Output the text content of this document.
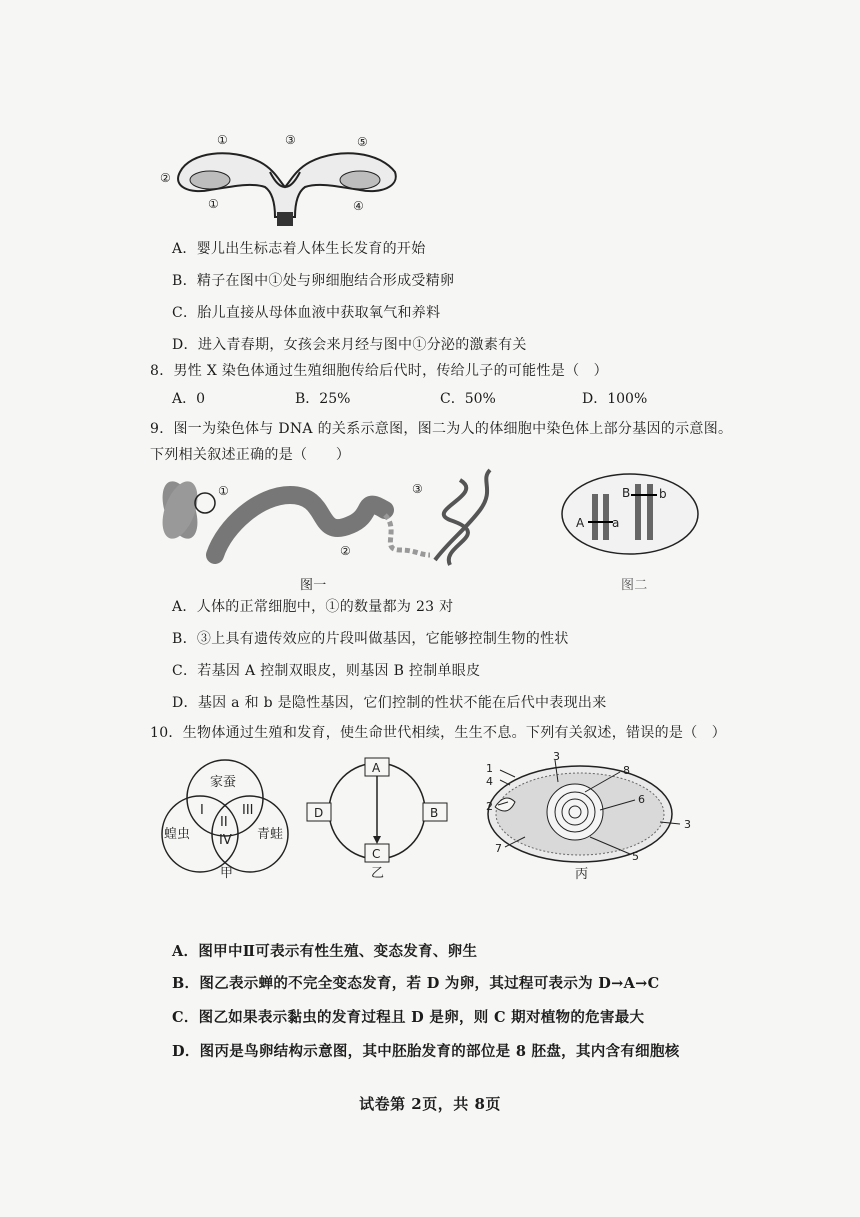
①	③	⑤
②
①	④
A．婴儿出生标志着人体生长发育的开始
B．精子在图中①处与卵细胞结合形成受精卵
C．胎儿直接从母体血液中获取氧气和养料
D．进入青春期，女孩会来月经与图中①分泌的激素有关
8．男性 X 染色体通过生殖细胞传给后代时，传给儿子的可能性是（　）
A．0	B．25%	C．50%	D．100%
9．图一为染色体与 DNA 的关系示意图，图二为人的体细胞中染色体上部分基因的示意图。
下列相关叙述正确的是（　　）
①
②
③
图一
A a
B b
图二
A．人体的正常细胞中，①的数量都为 23 对
B．③上具有遗传效应的片段叫做基因，它能够控制生物的性状
C．若基因 A 控制双眼皮，则基因 B 控制单眼皮
D．基因 a 和 b 是隐性基因，它们控制的性状不能在后代中表现出来
10．生物体通过生殖和发育，使生命世代相续，生生不息。下列有关叙述，错误的是（　）
家蚕
蝗虫	青蛙
I
II
III
IV
甲
A
B
C
D
乙
1
2
3
4
5
6
7
8
3
丙
A．图甲中Ⅱ可表示有性生殖、变态发育、卵生
B．图乙表示蝉的不完全变态发育，若 D 为卵，其过程可表示为 D→A→C
C．图乙如果表示黏虫的发育过程且 D 是卵，则 C 期对植物的危害最大
D．图丙是鸟卵结构示意图，其中胚胎发育的部位是 8 胚盘，其内含有细胞核
试卷第 2页，共 8页
